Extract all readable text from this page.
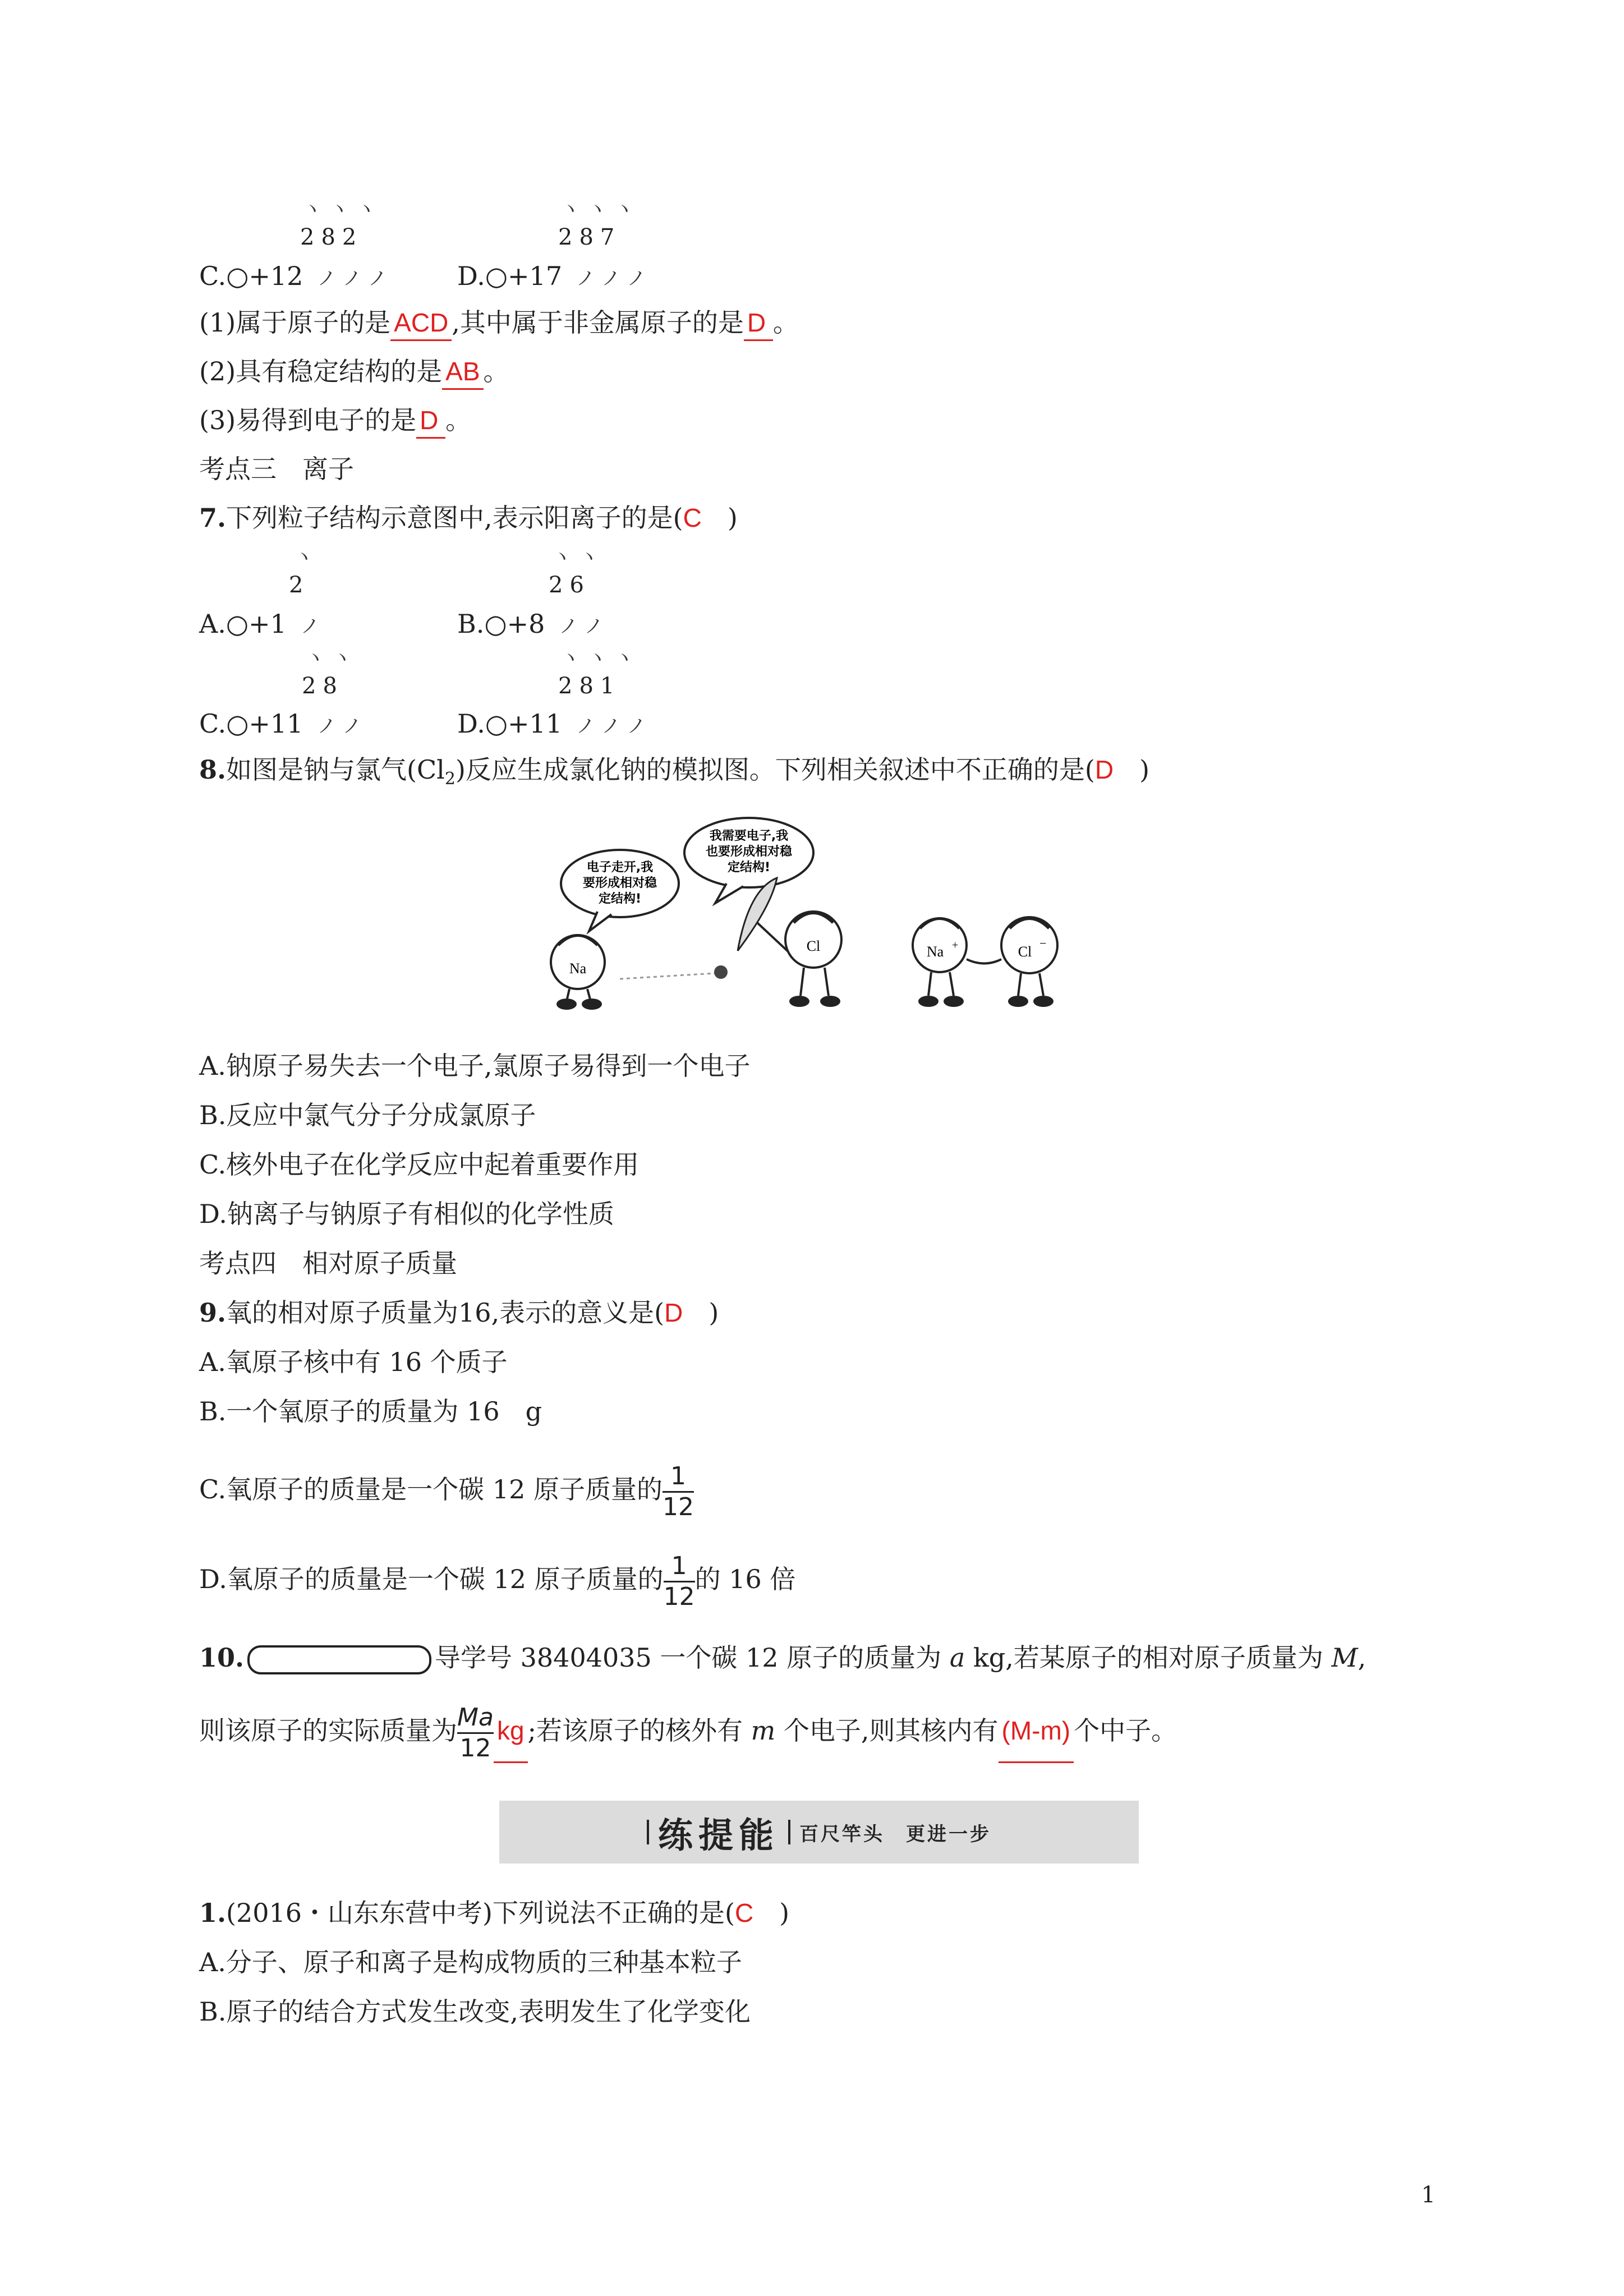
ヽヽヽ
282
C.○+12 ノノノ
ヽヽヽ
287
D.○+17 ノノノ
(1)属于原子的是 ACD ,其中属于非金属原子的是 D 。
(2)具有稳定结构的是 AB 。
(3)易得到电子的是 D 。
考点三　离子
7.下列粒子结构示意图中,表示阳离子的是(C　)
ヽ
2
A.○+1 ノ
ヽヽ
26
B.○+8 ノノ
ヽヽ
28
C.○+11 ノノ
ヽヽヽ
281
D.○+11 ノノノ
8.如图是钠与氯气$(Cl_2)$反应生成氯化钠的模拟图。下列相关叙述中不正确的是(D　)
电子走开,我
要形成相对稳
定结构!
我需要电子,我
也要形成相对稳
定结构!
Na
Cl	Na +	Cl
−
A.钠原子易失去一个电子,氯原子易得到一个电子
B.反应中氯气分子分成氯原子
C.核外电子在化学反应中起着重要作用
D.钠离子与钠原子有相似的化学性质
考点四　相对原子质量
9.氧的相对原子质量为16,表示的意义是(D　)
A.氧原子核中有 16 个质子
B.一个氧原子的质量为 16　g
C.氧原子的质量是一个碳 12 原子质量的 $\frac{1}{12}$
D.氧原子的质量是一个碳 12 原子质量的 $\frac{1}{12}$ 的 16 倍
10.	导学号 38404035 一个碳 12 原子的质量为 a kg,若某原子的相对原子质量为 M,
则该原子的实际质量为 $\frac{Ma}{12}$ kg ;若该原子的核外有 m 个电子,则其核内有 (M-m) 个中子。
练提能 百尺竿头　更进一步
1.(2016・山东东营中考)下列说法不正确的是(C　)
A.分子、原子和离子是构成物质的三种基本粒子
B.原子的结合方式发生改变,表明发生了化学变化
1
